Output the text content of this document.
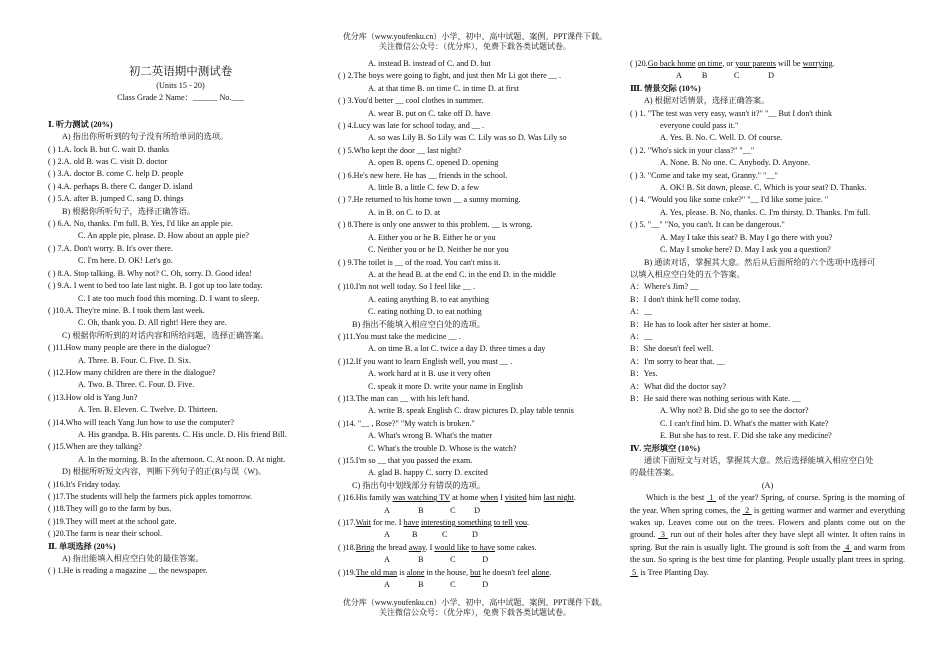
优分库（www.youfenku.cn）小学、初中、高中试题、案例、PPT课件下载。
关注微信公众号：（优分库），免费下载各类试题试卷。
初二英语期中测试卷
(Units 15 - 20)
Class Grade 2 Name：______ No.___
Ⅰ. 听力测试 (20%)
A) 指出你所听到的句子没有所给单词的选项。
( ) 1.A. lock B. but C. wait D. thanks
( ) 2.A. old B. was C. visit D. doctor
( ) 3.A. doctor B. come C. help D. people
( ) 4.A. perhaps B. there C. danger D. island
( ) 5.A. after B. jumped C. sang D. things
B) 根据你所听句子，选择正确答语。
( ) 6.A. No, thanks. I'm full. B. Yes, I'd like an apple pie.
C. An apple pie, please. D. How about an apple pie?
( ) 7.A. Don't worry. B. It's over there.
C. I'm here. D. OK! Let's go.
( ) 8.A. Stop talking. B. Why not? C. Oh, sorry. D. Good idea!
( ) 9.A. I went to bed too late last night. B. I got up too late today.
C. I ate too much food this morning. D. I want to sleep.
( )10.A. They're mine. B. I took them last week.
C. Oh, thank you. D. All right! Here they are.
C) 根据你所听到的对话内容和所给问题，选择正确答案。
( )11.How many people are there in the dialogue?
A. Three. B. Four. C. Five. D. Six.
( )12.How many children are there in the dialogue?
A. Two. B. Three. C. Four. D. Five.
( )13.How old is Yang Jun?
A. Ten. B. Eleven. C. Twelve. D. Thirteen.
( )14.Who will teach Yang Jun how to use the computer?
A. His grandpa. B. His parents. C. His uncle. D. His friend Bill.
( )15.When are they talking?
A. In the morning. B. In the afternoon. C. At noon. D. At night.
D) 根据所听短文内容，判断下列句子的正(R)与误（W)。
( )16.It's Friday today.
( )17.The students will help the farmers pick apples tomorrow.
( )18.They will go to the farm by bus.
( )19.They will meet at the school gate.
( )20.The farm is near their school.
Ⅱ. 单项选择 (20%)
A) 指出能填入相应空白处的最佳答案。
( ) 1.He is reading a magazine __ the newspaper.
A. instead B. instead of C. and D. but
( ) 2.The boys were going to fight, and just then Mr Li got there __ .
A. at that time B. on time C. in time D. at first
( ) 3.You'd better __ cool clothes in summer.
A. wear B. put on C. take off D. have
( ) 4.Lucy was late for school today, and __ .
A. so was Lily B. So Lily was C. Lily was so D. Was Lily so
( ) 5.Who kept the door __ last night?
A. open B. opens C. opened D. opening
( ) 6.He's new here. He has __ friends in the school.
A. little B. a little C. few D. a few
( ) 7.He returned to his home town __ a sunny morning.
A. in B. on C. to D. at
( ) 8.There is only one answer to this problem. __ is wrong.
A. Either you or he B. Either he or you
C. Neither you or he D. Neither he nor you
( ) 9.The toilet is __ of the road. You can't miss it.
A. at the head B. at the end C. in the end D. in the middle
( )10.I'm not well today. So I feel like __ .
A. eating anything B. to eat anything
C. eating nothing D. to eat nothing
B) 指出不能填入相应空白处的选项。
( )11.You must take the medicine __ .
A. on time B. a lot C. twice a day D. three times a day
( )12.If you want to learn English well, you must __ .
A. work hard at it B. use it very often
C. speak it more D. write your name in English
( )13.The man can __ with his left hand.
A. write B. speak English C. draw pictures D. play table tennis
( )14. "__ , Rose?" "My watch is broken."
A. What's wrong B. What's the matter
C. What's the trouble D. Whose is the watch?
( )15.I'm so __ that you passed the exam.
A. glad B. happy C. sorry D. excited
C) 指出句中划线部分有错误的选项。
( )16.His family was watching TV at home when I visited him last night.
A              B             C         D
( )17.Wait for me. I have interesting something to tell you.
A           B            C            D
( )18.Bring the bread away. I would like to have some cakes.
A              B             C             D
( )19.The old man is alone in the house, but he doesn't feel alone.
A              B             C             D
( )20.Go back home on time, or your parents will be worrying.
A          B             C              D
Ⅲ. 情景交际 (10%)
A) 根据对话情景，选择正确答案。
( ) 1. "The test was very easy, wasn't it?" "__ But I don't think
everyone could pass it."
A. Yes. B. No. C. Well. D. Of course.
( ) 2. "Who's sick in your class?" "__"
A. None. B. No one. C. Anybody. D. Anyone.
( ) 3. "Come and take my seat, Granny." "__"
A. OK! B. Sit down, please. C. Which is your seat? D. Thanks.
( ) 4. "Would you like some coke?" "__ I'd like some juice. "
A. Yes, please. B. No, thanks. C. I'm thirsty. D. Thanks. I'm full.
( ) 5. "__" "No, you can't. It can be dangerous."
A. May I take this seat? B. May I go there with you?
C. May I smoke here? D. May I ask you a question?
B) 通读对话，掌握其大意。然后从后面所给的六个选项中选择可
以填入相应空白处的五个答案。
A：Where's Jim? __
B：I don't think he'll come today.
A：__
B：He has to look after her sister at home.
A：__
B：She doesn't feel well.
A：I'm sorry to hear that. __
B：Yes.
A：What did the doctor say?
B：He said there was nothing serious with Kate. __
A. Why not? B. Did she go to see the doctor?
C. I can't find him. D. What's the matter with Kate?
E. But she has to rest. F. Did she take any medicine?
Ⅳ. 完形填空 (10%)
通读下面短文与对话，掌握其大意。然后选择能填入相应空白处
的最佳答案。
(A)
Which is the best  1  of the year? Spring, of course. Spring is the morning of the year. When spring comes, the  2  is getting warmer and warmer and everything wakes up. Leaves come out on the trees. Flowers and plants come out on the ground.  3  run out of their holes after they have slept all winter. It often rains in spring. But the rain is usually light. The ground is soft from the  4  and warm from the sun. So spring is the best time for planting. People usually plant trees in spring.  5  is Tree Planting Day.
优分库（www.youfenku.cn）小学、初中、高中试题、案例、PPT课件下载。
关注微信公众号：（优分库），免费下载各类试题试卷。
